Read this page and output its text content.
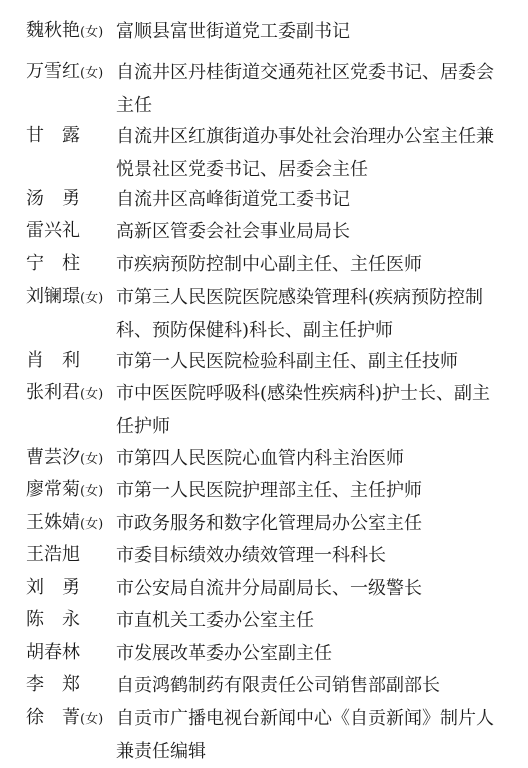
魏秋艳(女) 富顺县富世街道党工委副书记
万雪红(女) 自流井区丹桂街道交通苑社区党委书记、居委会主任
甘　露	自流井区红旗街道办事处社会治理办公室主任兼悦景社区党委书记、居委会主任
汤　勇	自流井区高峰街道党工委书记
雷兴礼	高新区管委会社会事业局局长
宁　柱	市疾病预防控制中心副主任、主任医师
刘镧璟(女) 市第三人民医院医院感染管理科(疾病预防控制科、预防保健科)科长、副主任护师
肖　利	市第一人民医院检验科副主任、副主任技师
张利君(女) 市中医医院呼吸科(感染性疾病科)护士长、副主任护师
曹芸汐(女) 市第四人民医院心血管内科主治医师
廖常菊(女) 市第一人民医院护理部主任、主任护师
王姝婧(女) 市政务服务和数字化管理局办公室主任
王浩旭	市委目标绩效办绩效管理一科科长
刘　勇	市公安局自流井分局副局长、一级警长
陈　永	市直机关工委办公室主任
胡春林	市发展改革委办公室副主任
李　郑	自贡鸿鹤制药有限责任公司销售部副部长
徐　菁(女) 自贡市广播电视台新闻中心《自贡新闻》制片人兼责任编辑
